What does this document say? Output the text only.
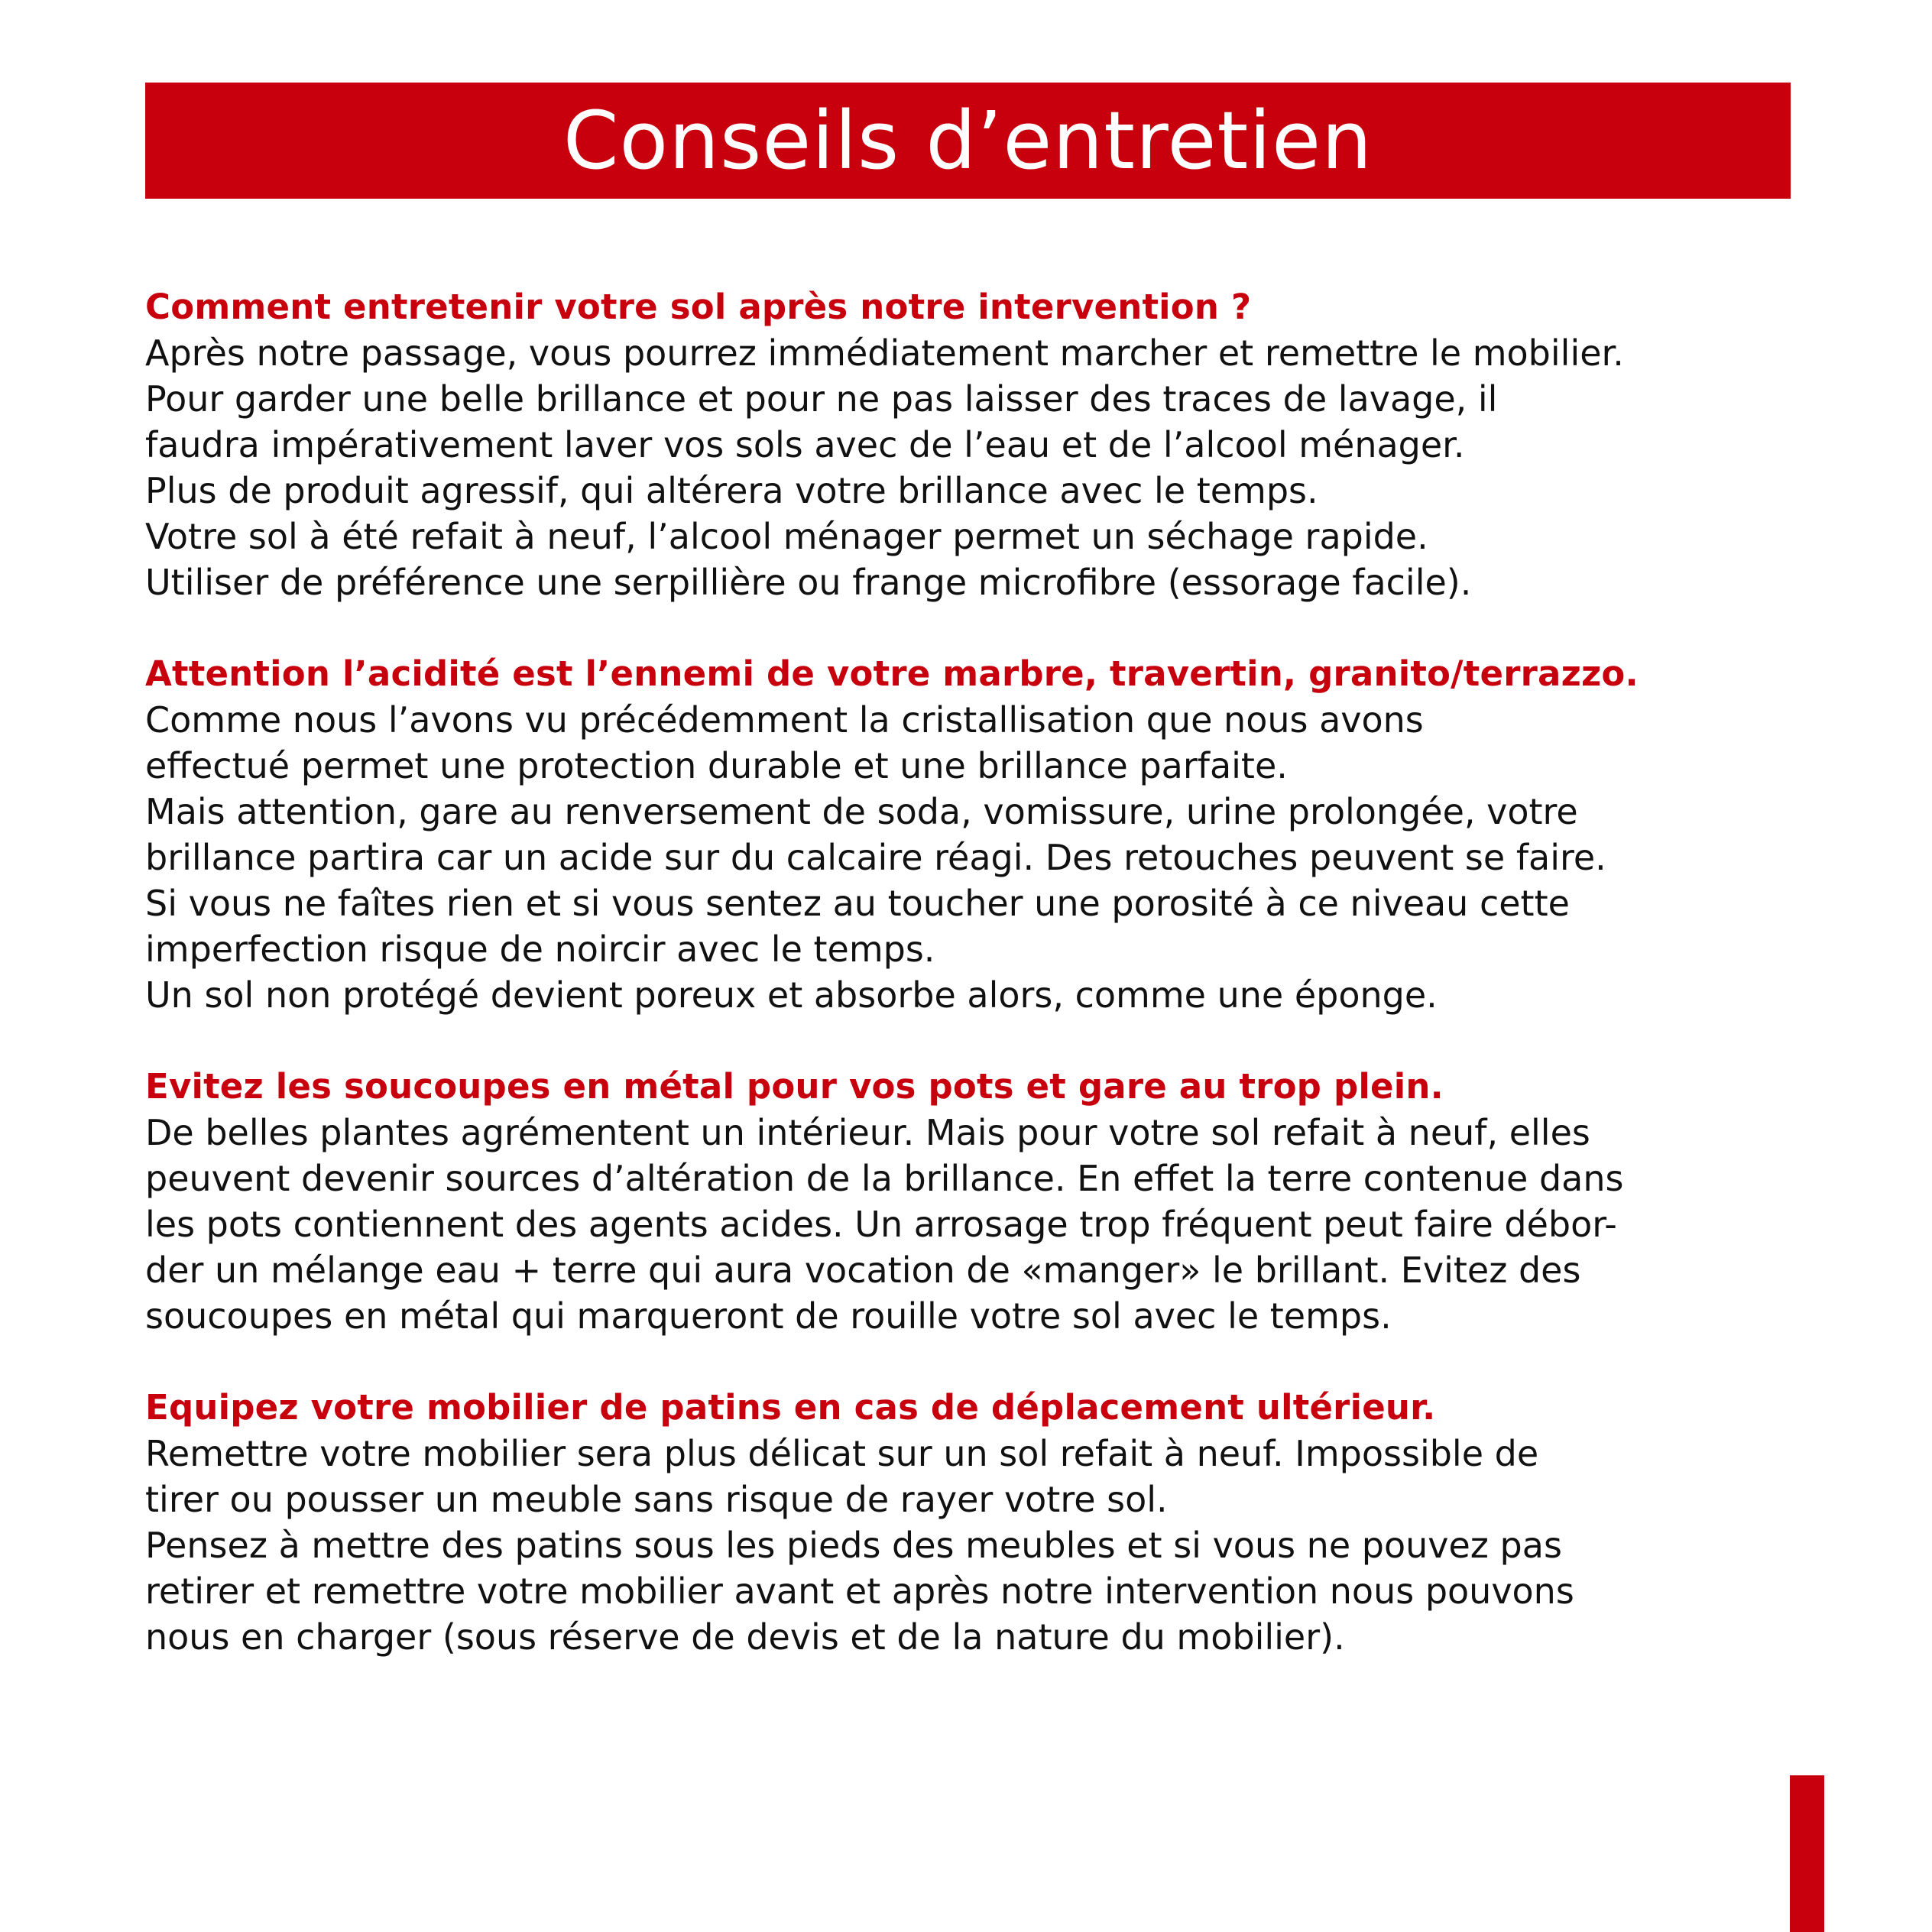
Conseils d’entretien

Comment entretenir votre sol après notre intervention ?

Après notre passage, vous pourrez immédiatement marcher et remettre le mobilier.

Pour garder une belle brillance et pour ne pas laisser des traces de lavage, il

faudra impérativement laver vos sols avec de l’eau et de l’alcool ménager.

Plus de produit agressif, qui altérera votre brillance avec le temps.

Votre sol à été refait à neuf, l’alcool ménager permet un séchage rapide.

Utiliser de préférence une serpillière ou frange microfibre (essorage facile).

Attention l’acidité est l’ennemi de votre marbre, travertin, granito/terrazzo.

Comme nous l’avons vu précédemment la cristallisation que nous avons

effectué permet une protection durable et une brillance parfaite.

Mais attention, gare au renversement de soda, vomissure, urine prolongée, votre

brillance partira car un acide sur du calcaire réagi. Des retouches peuvent se faire.

Si vous ne faîtes rien et si vous sentez au toucher une porosité à ce niveau cette

imperfection risque de noircir avec le temps.

Un sol non protégé devient poreux et absorbe alors, comme une éponge.

Evitez les soucoupes en métal pour vos pots et gare au trop plein.

De belles plantes agrémentent un intérieur. Mais pour votre sol refait à neuf, elles

peuvent devenir sources d’altération de la brillance. En effet la terre contenue dans

les pots contiennent des agents acides. Un arrosage trop fréquent peut faire débor-

der un mélange eau + terre qui aura vocation de «manger» le brillant. Evitez des

soucoupes en métal qui marqueront de rouille votre sol avec le temps.

Equipez votre mobilier de patins en cas de déplacement ultérieur.

Remettre votre mobilier sera plus délicat sur un sol refait à neuf. Impossible de

tirer ou pousser un meuble sans risque de rayer votre sol.

Pensez à mettre des patins sous les pieds des meubles et si vous ne pouvez pas

retirer et remettre votre mobilier avant et après notre intervention nous pouvons

nous en charger (sous réserve de devis et de la nature du mobilier).
